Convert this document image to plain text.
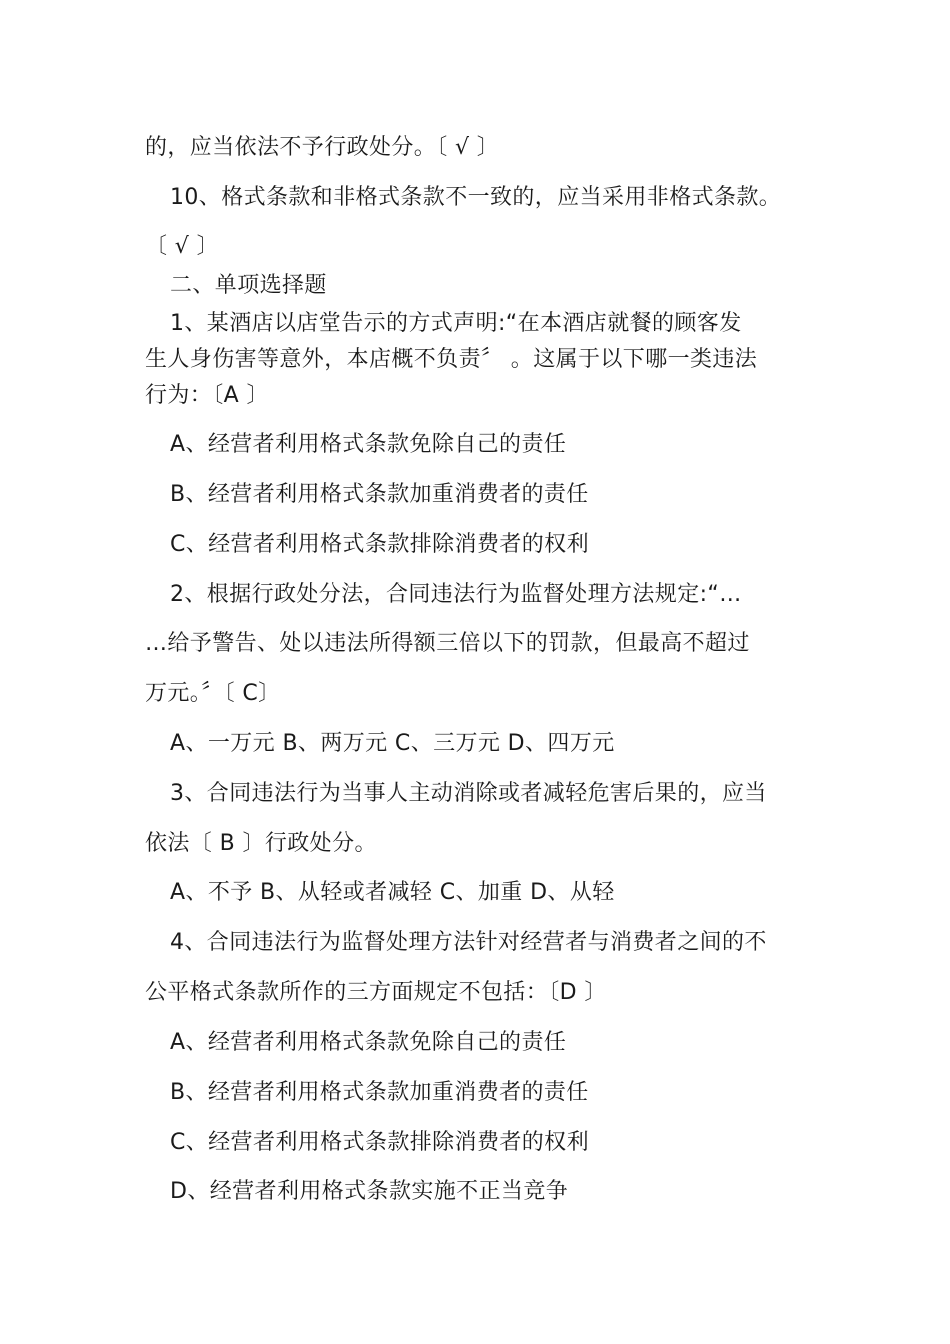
的，应当依法不予行政处分。〔 √ 〕
10、格式条款和非格式条款不一致的，应当采用非格式条款。
〔 √ 〕
二、单项选择题
1、某酒店以店堂告示的方式声明:“在本酒店就餐的顾客发
生人身伤害等意外，本店概不负责〞 。这属于以下哪一类违法
行为：〔A 〕
A、经营者利用格式条款免除自己的责任
B、经营者利用格式条款加重消费者的责任
C、经营者利用格式条款排除消费者的权利
2、根据行政处分法，合同违法行为监督处理方法规定:“…
…给予警告、处以违法所得额三倍以下的罚款，但最高不超过
万元。〞〔 C〕
A、一万元 B、两万元 C、三万元 D、四万元
3、合同违法行为当事人主动消除或者减轻危害后果的，应当
依法〔 B 〕行政处分。
A、不予 B、从轻或者减轻 C、加重 D、从轻
4、合同违法行为监督处理方法针对经营者与消费者之间的不
公平格式条款所作的三方面规定不包括：〔D 〕
A、经营者利用格式条款免除自己的责任
B、经营者利用格式条款加重消费者的责任
C、经营者利用格式条款排除消费者的权利
D、经营者利用格式条款实施不正当竞争
